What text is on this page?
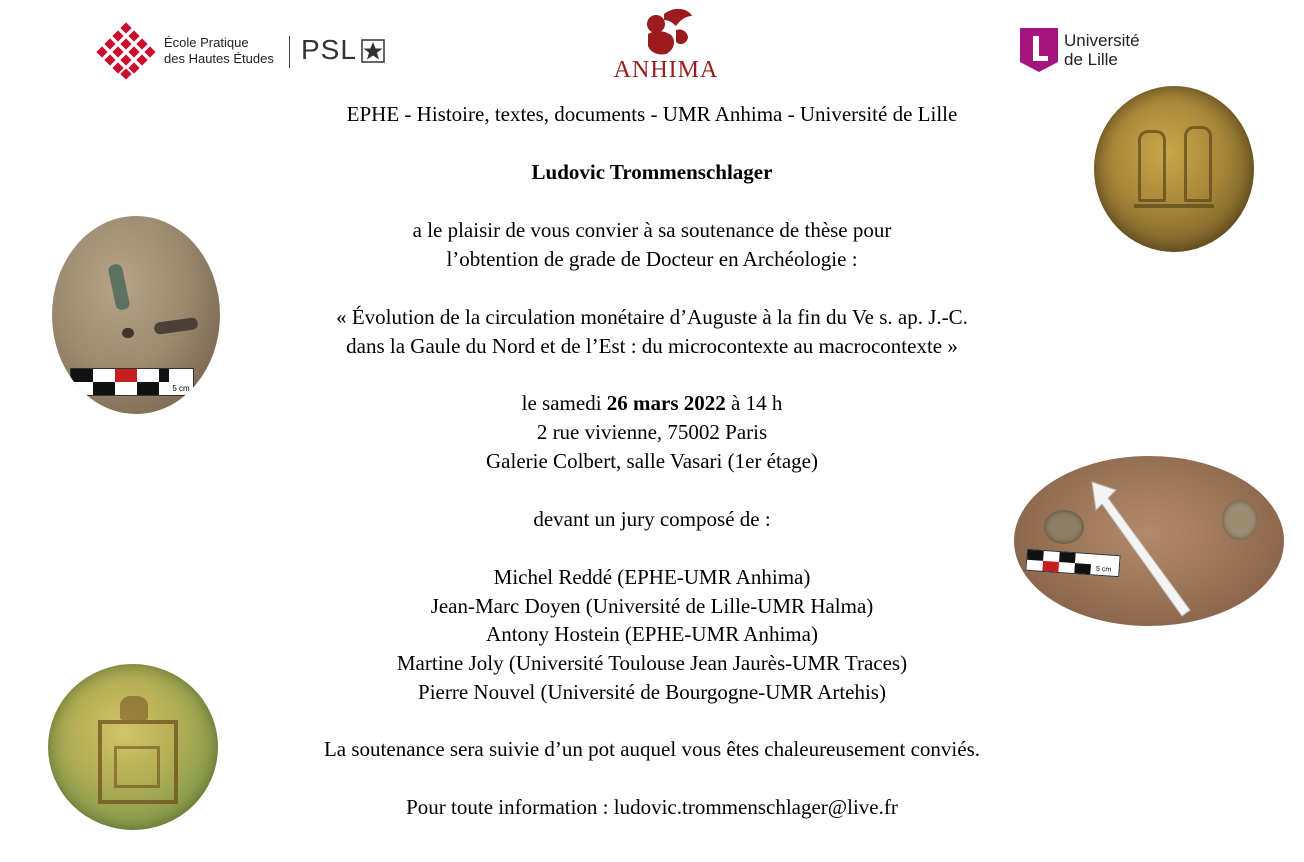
École Pratique
des Hautes Études PSL
ANHIMA
Université
de Lille
5 cm
5 cm
EPHE - Histoire, textes, documents - UMR Anhima - Université de Lille
Ludovic Trommenschlager
a le plaisir de vous convier à sa soutenance de thèse pour
l’obtention de grade de Docteur en Archéologie :
« Évolution de la circulation monétaire d’Auguste à la fin du Ve s. ap. J.-C.
dans la Gaule du Nord et de l’Est : du microcontexte au macrocontexte »
le samedi 26 mars 2022 à 14 h
2 rue vivienne, 75002 Paris
Galerie Colbert, salle Vasari (1er étage)
devant un jury composé de :
Michel Reddé (EPHE-UMR Anhima)
Jean-Marc Doyen (Université de Lille-UMR Halma)
Antony Hostein (EPHE-UMR Anhima)
Martine Joly (Université Toulouse Jean Jaurès-UMR Traces)
Pierre Nouvel (Université de Bourgogne-UMR Artehis)
La soutenance sera suivie d’un pot auquel vous êtes chaleureusement conviés.
Pour toute information : ludovic.trommenschlager@live.fr
